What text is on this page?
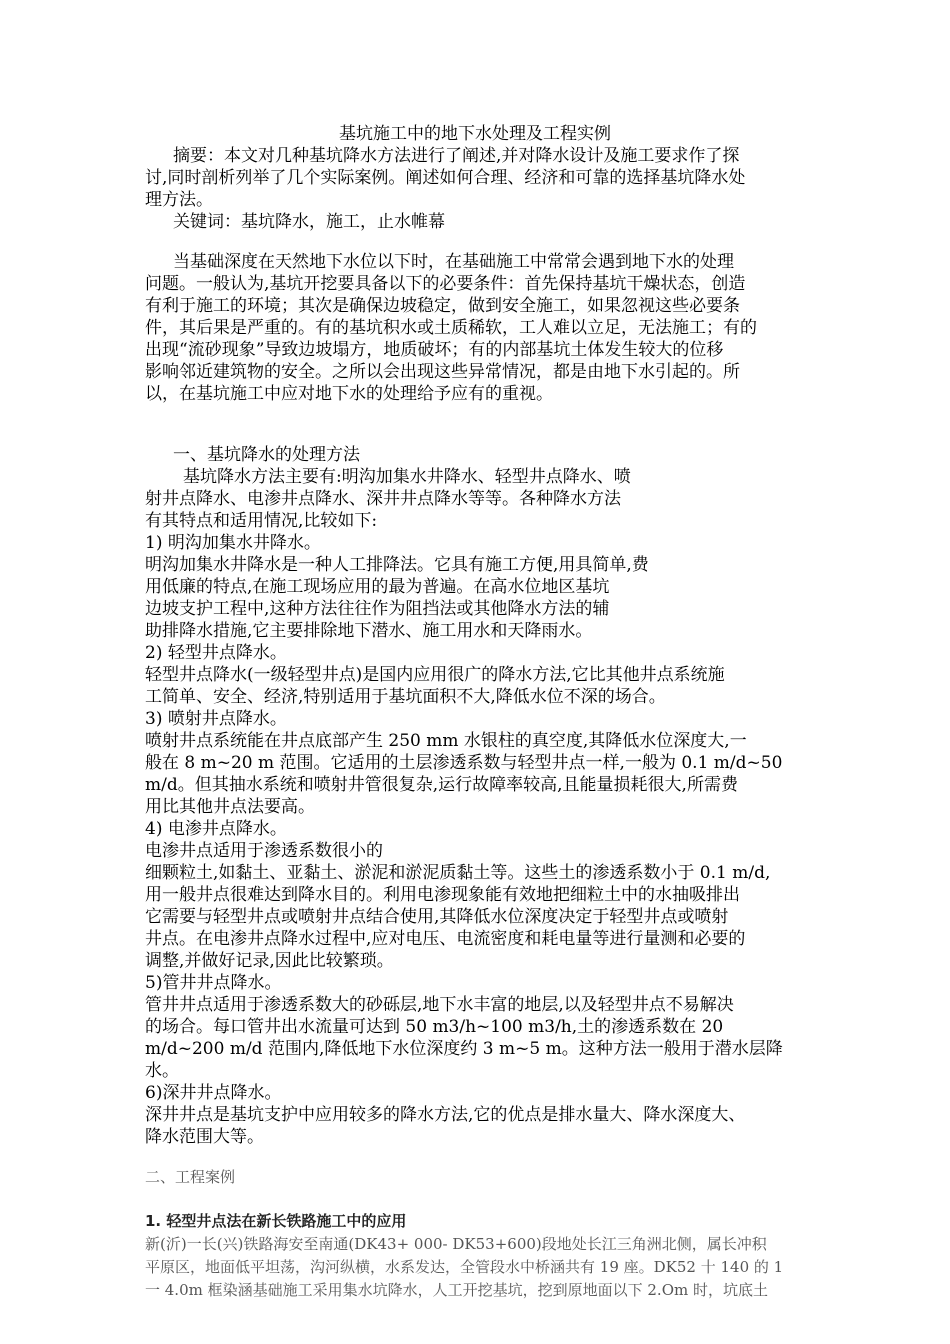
基坑施工中的地下水处理及工程实例
摘要：本文对几种基坑降水方法进行了阐述,并对降水设计及施工要求作了探
讨,同时剖析列举了几个实际案例。阐述如何合理、经济和可靠的选择基坑降水处
理方法。
关键词：基坑降水，施工，止水帷幕
当基础深度在天然地下水位以下时，在基础施工中常常会遇到地下水的处理
问题。一般认为,基坑开挖要具备以下的必要条件：首先保持基坑干燥状态，创造
有利于施工的环境；其次是确保边坡稳定，做到安全施工，如果忽视这些必要条
件，其后果是严重的。有的基坑积水或土质稀软，工人难以立足，无法施工；有的
出现“流砂现象”导致边坡塌方，地质破坏；有的内部基坑土体发生较大的位移
影响邻近建筑物的安全。之所以会出现这些异常情况，都是由地下水引起的。所
以，在基坑施工中应对地下水的处理给予应有的重视。
一、基坑降水的处理方法
基坑降水方法主要有:明沟加集水井降水、轻型井点降水、喷
射井点降水、电渗井点降水、深井井点降水等等。各种降水方法
有其特点和适用情况,比较如下:
1) 明沟加集水井降水。
明沟加集水井降水是一种人工排降法。它具有施工方便,用具简单,费
用低廉的特点,在施工现场应用的最为普遍。在高水位地区基坑
边坡支护工程中,这种方法往往作为阻挡法或其他降水方法的辅
助排降水措施,它主要排除地下潜水、施工用水和天降雨水。
2) 轻型井点降水。
轻型井点降水(一级轻型井点)是国内应用很广的降水方法,它比其他井点系统施
工简单、安全、经济,特别适用于基坑面积不大,降低水位不深的场合。
3) 喷射井点降水。
喷射井点系统能在井点底部产生 250 mm 水银柱的真空度,其降低水位深度大,一
般在 8 m~20 m 范围。它适用的土层渗透系数与轻型井点一样,一般为 0.1 m/d~50
m/d。但其抽水系统和喷射井管很复杂,运行故障率较高,且能量损耗很大,所需费
用比其他井点法要高。
4) 电渗井点降水。
电渗井点适用于渗透系数很小的
细颗粒土,如黏土、亚黏土、淤泥和淤泥质黏土等。这些土的渗透系数小于 0.1 m/d,
用一般井点很难达到降水目的。利用电渗现象能有效地把细粒土中的水抽吸排出
它需要与轻型井点或喷射井点结合使用,其降低水位深度决定于轻型井点或喷射
井点。在电渗井点降水过程中,应对电压、电流密度和耗电量等进行量测和必要的
调整,并做好记录,因此比较繁琐。
5)管井井点降水。
管井井点适用于渗透系数大的砂砾层,地下水丰富的地层,以及轻型井点不易解决
的场合。每口管井出水流量可达到 50 m3/h~100 m3/h,土的渗透系数在 20
m/d~200 m/d 范围内,降低地下水位深度约 3 m~5 m。这种方法一般用于潜水层降
水。
6)深井井点降水。
深井井点是基坑支护中应用较多的降水方法,它的优点是排水量大、降水深度大、
降水范围大等。
二、工程案例
1. 轻型井点法在新长铁路施工中的应用
新(沂)一长(兴)铁路海安至南通(DK43+ 000- DK53+600)段地处长江三角洲北侧，属长冲积
平原区，地面低平坦荡，沟河纵横，水系发达，全管段水中桥涵共有 19 座。DK52 十 140 的 1
一 4.0m 框染涵基础施工采用集水坑降水，人工开挖基坑，挖到原地面以下 2.Om 时，坑底土
